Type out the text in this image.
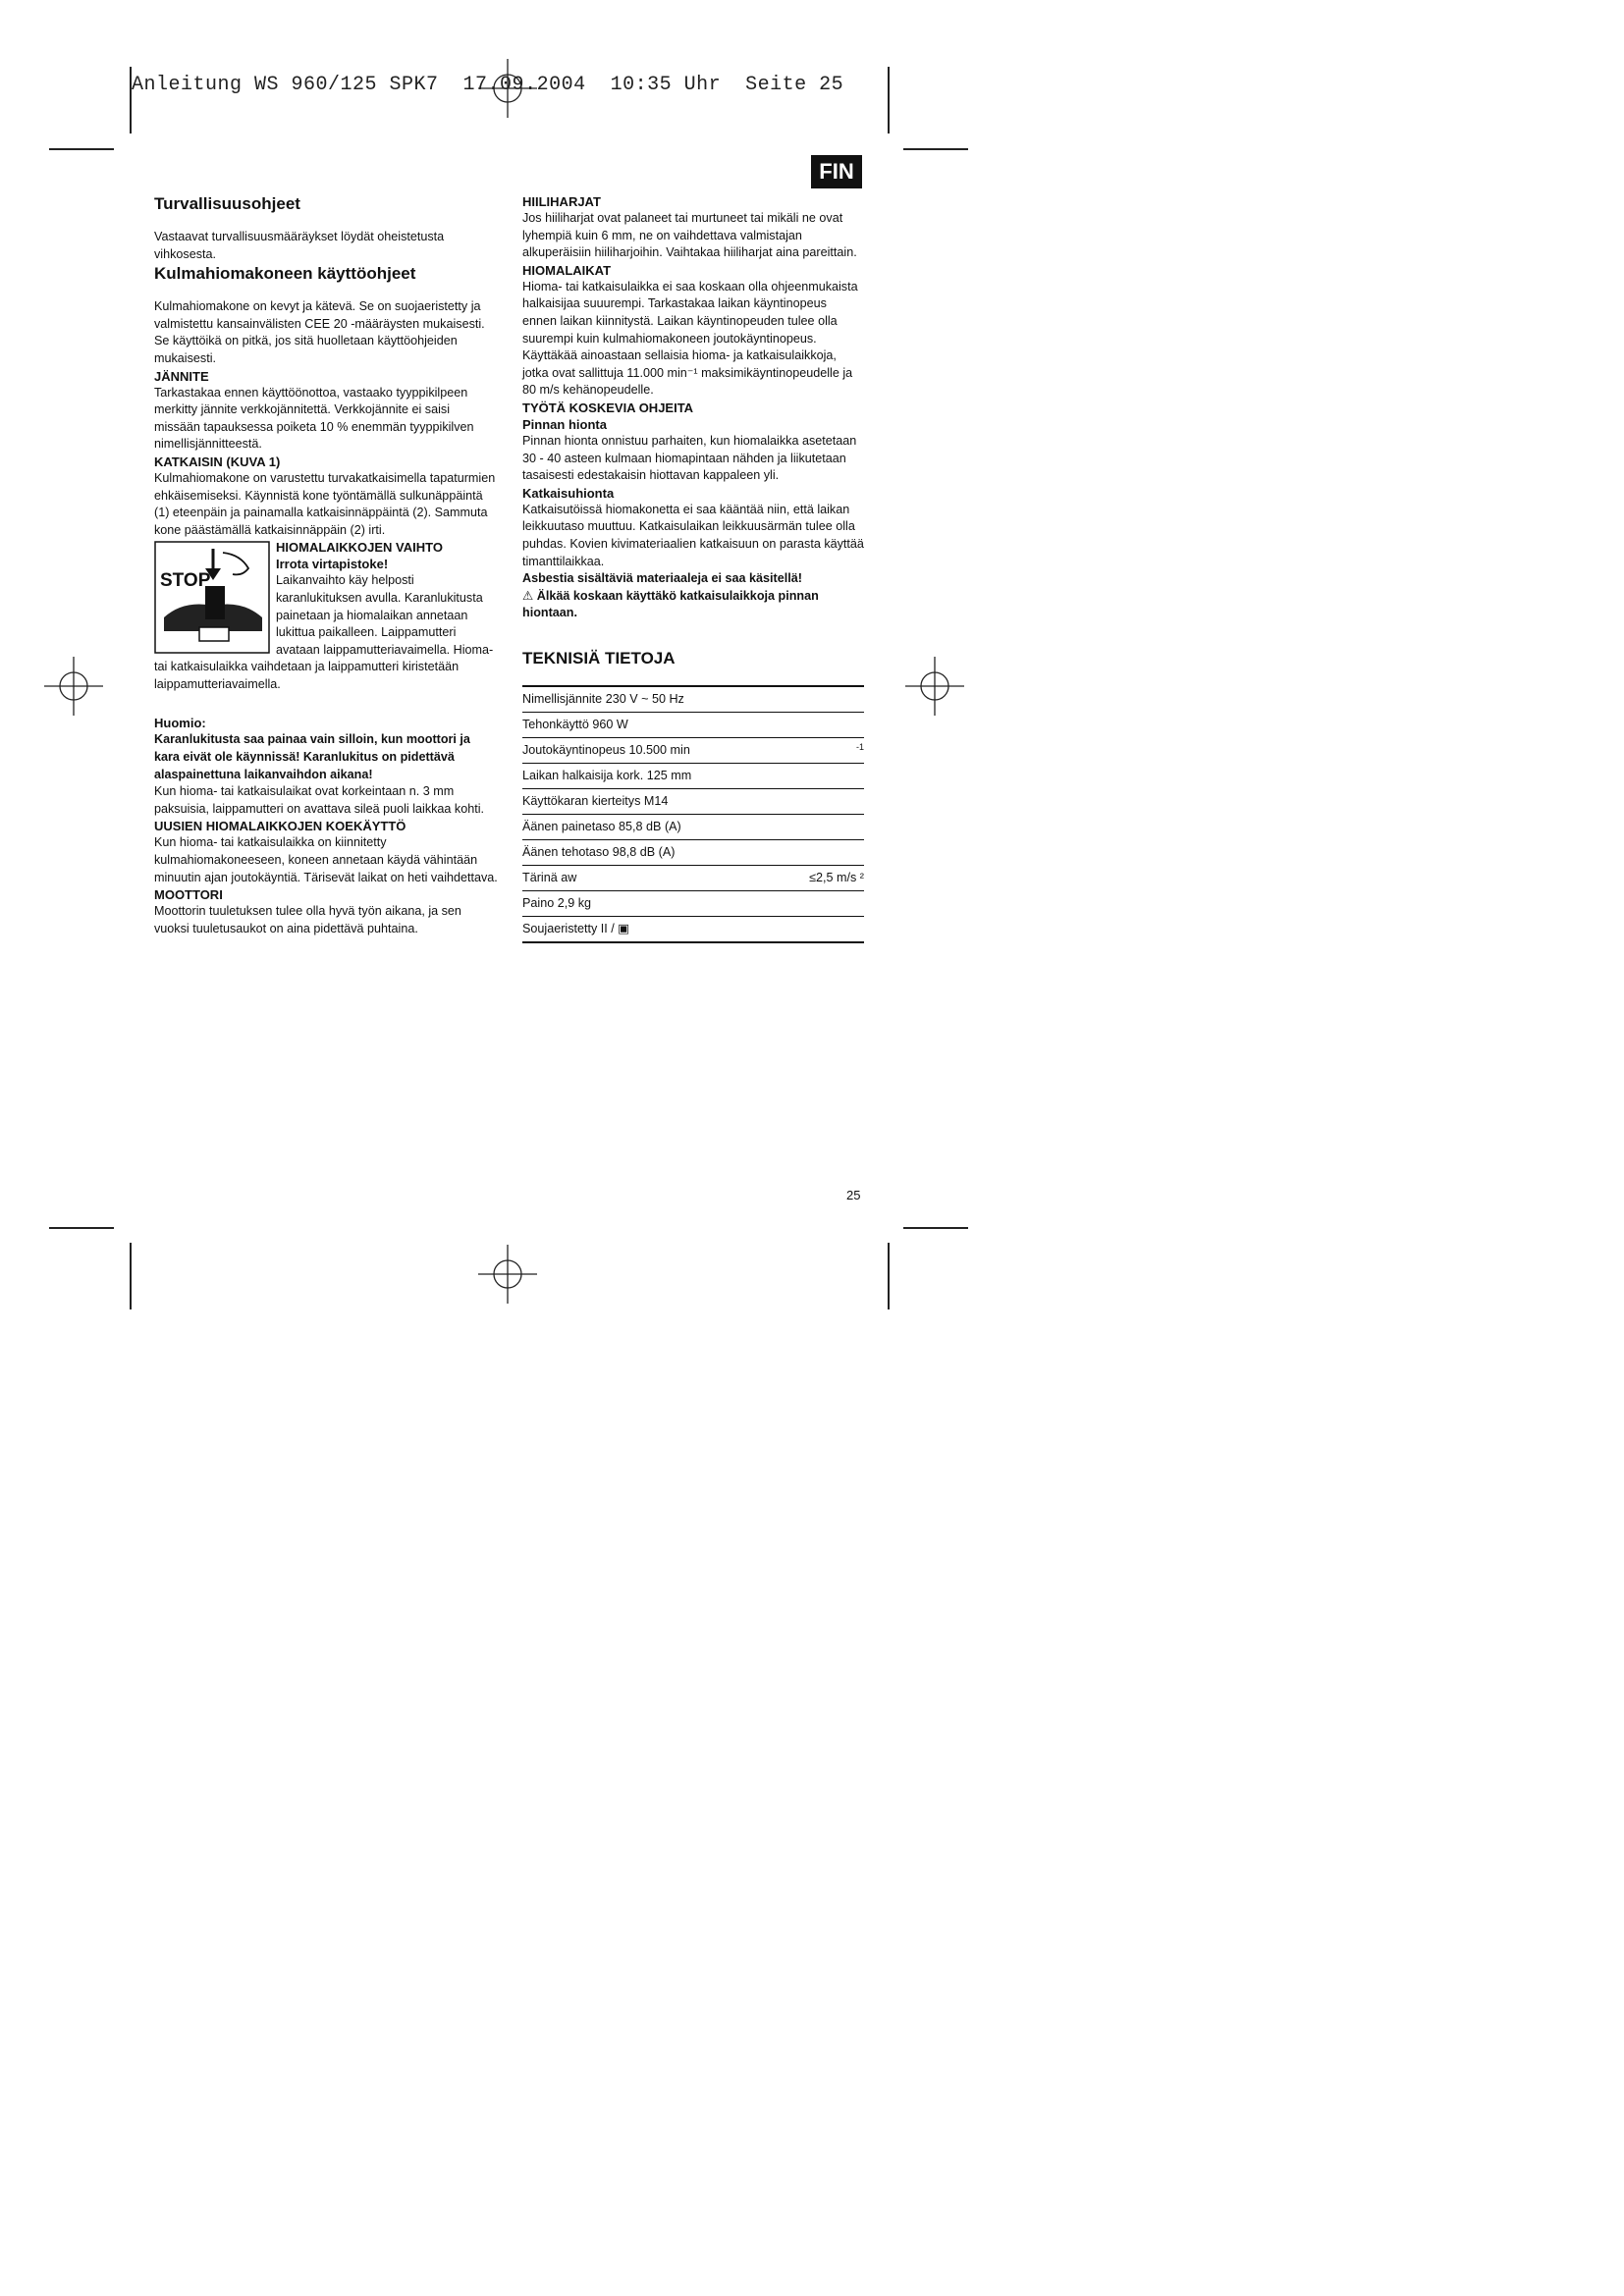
Anleitung WS 960/125 SPK7  17.09.2004  10:35 Uhr  Seite 25
FIN

Turvallisuusohjeet

Vastaavat turvallisuusmääräykset löydät oheistetusta vihkosesta.

Kulmahiomakoneen käyttöohjeet

Kulmahiomakone on kevyt ja kätevä. Se on suojaeristetty ja valmistettu kansainvälisten CEE 20 -määräysten mukaisesti. Se käyttöikä on pitkä, jos sitä huolletaan käyttöohjeiden mukaisesti.

JÄNNITE

Tarkastakaa ennen käyttöönottoa, vastaako tyyppikilpeen merkitty jännite verkkojännitettä. Verkkojännite ei saisi missään tapauksessa poiketa 10 % enemmän tyyppikilven nimellisjännitteestä.

KATKAISIN (KUVA 1)

Kulmahiomakone on varustettu turvakatkaisimella tapaturmien ehkäisemiseksi. Käynnistä kone työntämällä sulkunäppäintä (1) eteenpäin ja painamalla katkaisinnäppäintä (2). Sammuta kone päästämällä katkaisinnäppäin (2) irti.

STOP

HIOMALAIKKOJEN VAIHTO

Irrota virtapistoke!

Laikanvaihto käy helposti karanlukituksen avulla. Karanlukitusta painetaan ja hiomalaikan annetaan lukittua paikalleen. Laippamutteri avataan laippamutteriavaimella. Hioma- tai katkaisulaikka vaihdetaan ja laippamutteri kiristetään laippamutteriavaimella.

Huomio:

Karanlukitusta saa painaa vain silloin, kun moottori ja kara eivät ole käynnissä! Karanlukitus on pidettävä alaspainettuna laikanvaihdon aikana!

Kun hioma- tai katkaisulaikat ovat korkeintaan n. 3 mm paksuisia, laippamutteri on avattava sileä puoli laikkaa kohti.

UUSIEN HIOMALAIKKOJEN KOEKÄYTTÖ

Kun hioma- tai katkaisulaikka on kiinnitetty kulmahiomakoneeseen, koneen annetaan käydä vähintään minuutin ajan joutokäyntiä. Tärisevät laikat on heti vaihdettava.

MOOTTORI

Moottorin tuuletuksen tulee olla hyvä työn aikana, ja sen vuoksi tuuletusaukot on aina pidettävä puhtaina.

HIILIHARJAT

Jos hiiliharjat ovat palaneet tai murtuneet tai mikäli ne ovat lyhempiä kuin 6 mm, ne on vaihdettava valmistajan alkuperäisiin hiiliharjoihin. Vaihtakaa hiiliharjat aina pareittain.

HIOMALAIKAT

Hioma- tai katkaisulaikka ei saa koskaan olla ohjeenmukaista halkaisijaa suuurempi. Tarkastakaa laikan käyntinopeus ennen laikan kiinnitystä. Laikan käyntinopeuden tulee olla suurempi kuin kulmahiomakoneen joutokäyntinopeus.

Käyttäkää ainoastaan sellaisia hioma- ja katkaisulaikkoja, jotka ovat sallittuja 11.000 min⁻¹ maksimikäyntinopeudelle ja 80 m/s kehänopeudelle.

TYÖTÄ KOSKEVIA OHJEITA

Pinnan hionta

Pinnan hionta onnistuu parhaiten, kun hiomalaikka asetetaan 30 - 40 asteen kulmaan hiomapintaan nähden ja liikutetaan tasaisesti edestakaisin hiottavan kappaleen yli.

Katkaisuhionta

Katkaisutöissä hiomakonetta ei saa kääntää niin, että laikan leikkuutaso muuttuu. Katkaisulaikan leikkuusärmän tulee olla puhdas. Kovien kivimateriaalien katkaisuun on parasta käyttää timanttilaikkaa.

Asbestia sisältäviä materiaaleja ei saa käsitellä!

⚠ Älkää koskaan käyttäkö katkaisulaikkoja pinnan hiontaan.

TEKNISIÄ TIETOJA

Nimellisjännite 230 V ~ 50 Hz
Tehonkäyttö 960 W
Joutokäyntinopeus 10.500 min	-1
Laikan halkaisija kork. 125 mm
Käyttökaran kierteitys M14
Äänen painetaso 85,8 dB (A)
Äänen tehotaso 98,8 dB (A)
Tärinä aw	≤2,5 m/s ²
Paino 2,9 kg
Soujaeristetty II / ▣
25
